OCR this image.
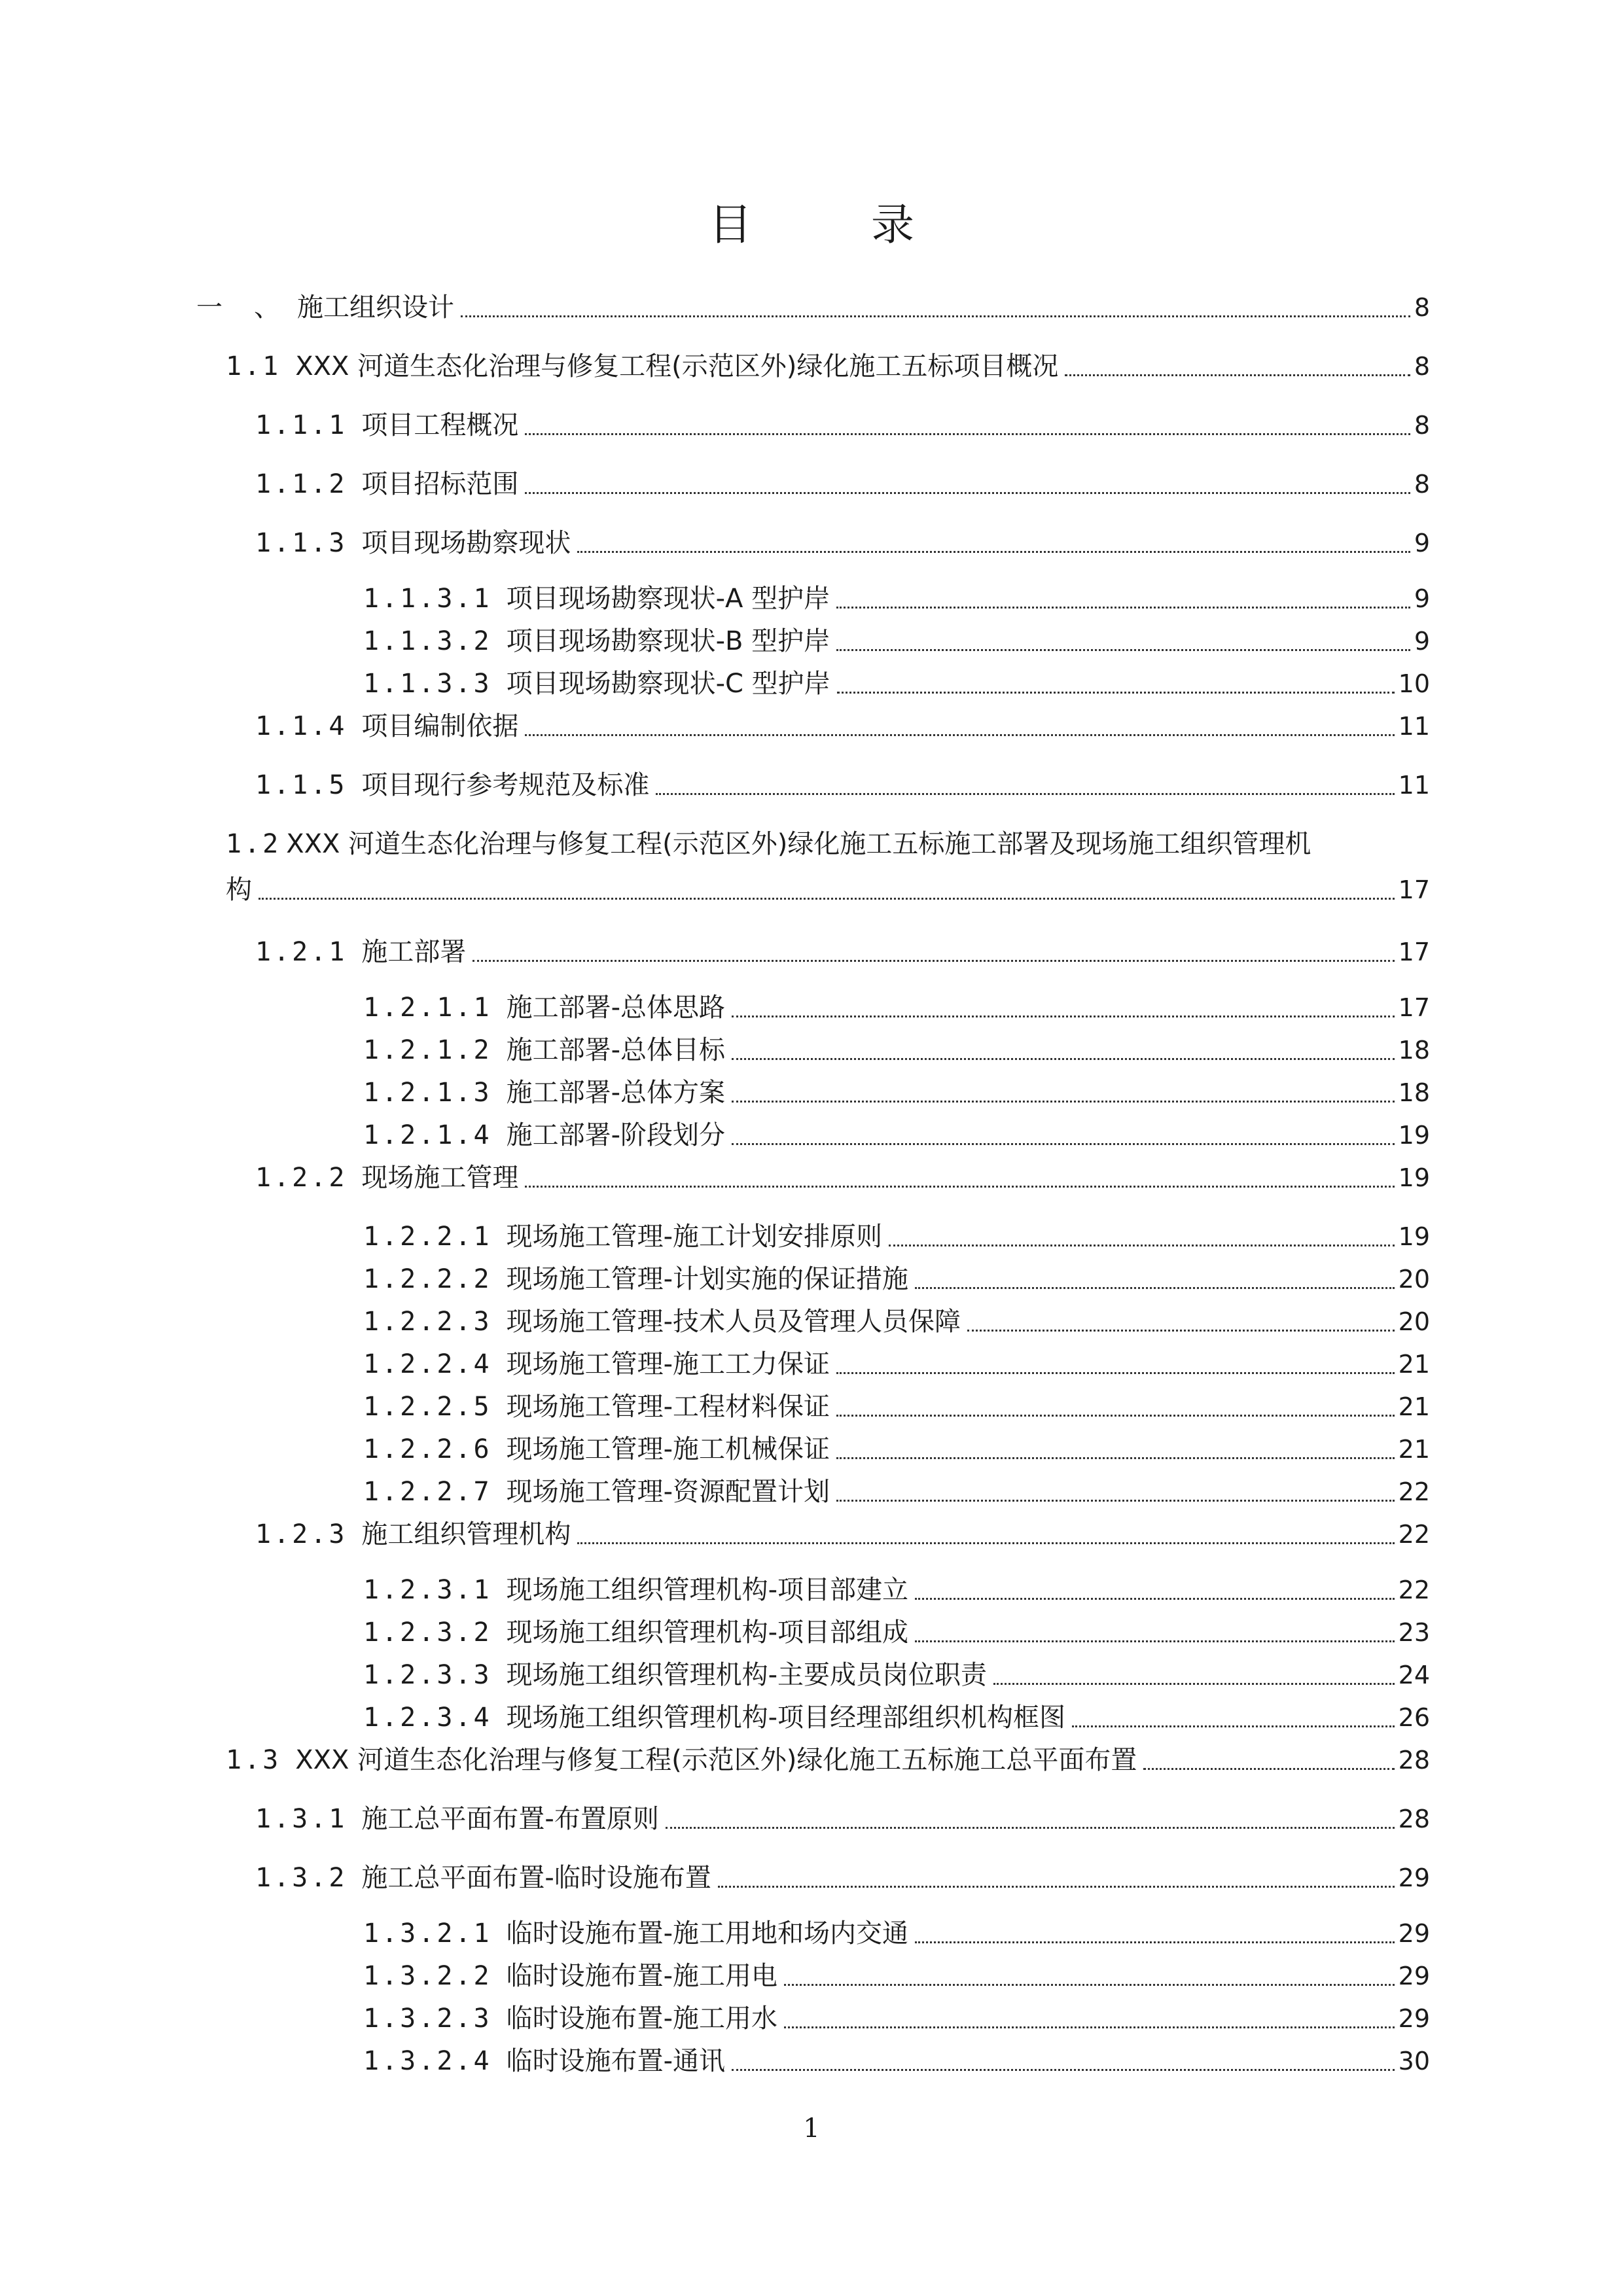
目　录
一　、 施工组织设计	8
1.1 XXX 河道生态化治理与修复工程(示范区外)绿化施工五标项目概况	8
1.1.1 项目工程概况	8
1.1.2 项目招标范围	8
1.1.3 项目现场勘察现状	9
1.1.3.1 项目现场勘察现状-A 型护岸	9
1.1.3.2 项目现场勘察现状-B 型护岸	9
1.1.3.3 项目现场勘察现状-C 型护岸	10
1.1.4 项目编制依据	11
1.1.5 项目现行参考规范及标准	11
1.2 XXX 河道生态化治理与修复工程(示范区外)绿化施工五标施工部署及现场施工组织管理机
构	17
1.2.1 施工部署	17
1.2.1.1 施工部署-总体思路	17
1.2.1.2 施工部署-总体目标	18
1.2.1.3 施工部署-总体方案	18
1.2.1.4 施工部署-阶段划分	19
1.2.2 现场施工管理	19
1.2.2.1 现场施工管理-施工计划安排原则	19
1.2.2.2 现场施工管理-计划实施的保证措施	20
1.2.2.3 现场施工管理-技术人员及管理人员保障	20
1.2.2.4 现场施工管理-施工工力保证	21
1.2.2.5 现场施工管理-工程材料保证	21
1.2.2.6 现场施工管理-施工机械保证	21
1.2.2.7 现场施工管理-资源配置计划	22
1.2.3 施工组织管理机构	22
1.2.3.1 现场施工组织管理机构-项目部建立	22
1.2.3.2 现场施工组织管理机构-项目部组成	23
1.2.3.3 现场施工组织管理机构-主要成员岗位职责	24
1.2.3.4 现场施工组织管理机构-项目经理部组织机构框图	26
1.3 XXX 河道生态化治理与修复工程(示范区外)绿化施工五标施工总平面布置	28
1.3.1 施工总平面布置-布置原则	28
1.3.2 施工总平面布置-临时设施布置	29
1.3.2.1 临时设施布置-施工用地和场内交通	29
1.3.2.2 临时设施布置-施工用电	29
1.3.2.3 临时设施布置-施工用水	29
1.3.2.4 临时设施布置-通讯	30
1
